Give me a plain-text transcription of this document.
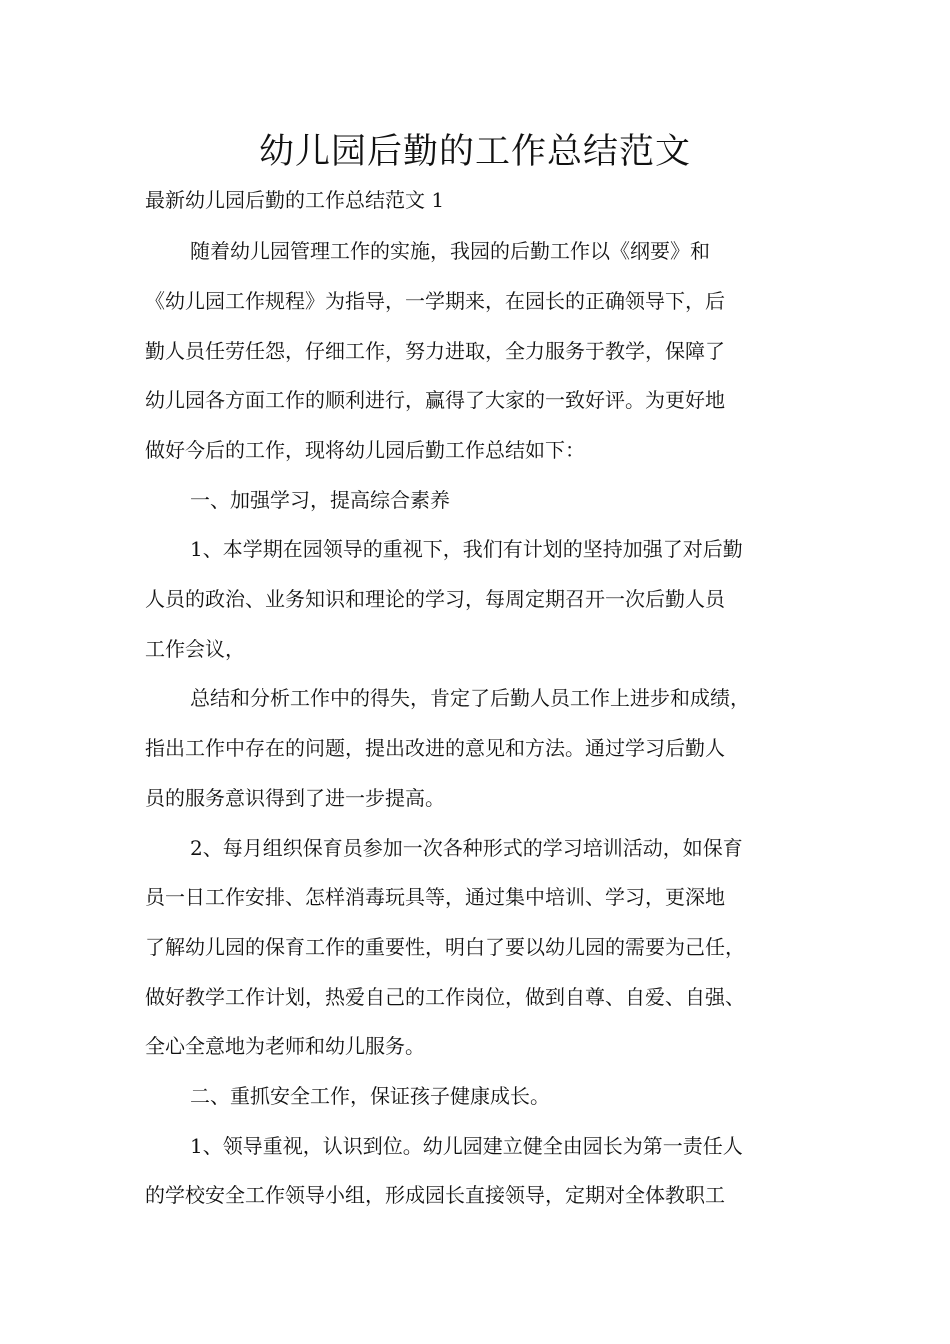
幼儿园后勤的工作总结范文

最新幼儿园后勤的工作总结范文 1

随着幼儿园管理工作的实施，我园的后勤工作以《纲要》和

《幼儿园工作规程》为指导，一学期来，在园长的正确领导下，后

勤人员任劳任怨，仔细工作，努力进取，全力服务于教学，保障了

幼儿园各方面工作的顺利进行，赢得了大家的一致好评。为更好地

做好今后的工作，现将幼儿园后勤工作总结如下：

一、加强学习，提高综合素养

1、本学期在园领导的重视下，我们有计划的坚持加强了对后勤

人员的政治、业务知识和理论的学习，每周定期召开一次后勤人员

工作会议，

总结和分析工作中的得失，肯定了后勤人员工作上进步和成绩，

指出工作中存在的问题，提出改进的意见和方法。通过学习后勤人

员的服务意识得到了进一步提高。

2、每月组织保育员参加一次各种形式的学习培训活动，如保育

员一日工作安排、怎样消毒玩具等，通过集中培训、学习，更深地

了解幼儿园的保育工作的重要性，明白了要以幼儿园的需要为己任，

做好教学工作计划，热爱自己的工作岗位，做到自尊、自爱、自强、

全心全意地为老师和幼儿服务。

二、重抓安全工作，保证孩子健康成长。

1、领导重视，认识到位。幼儿园建立健全由园长为第一责任人

的学校安全工作领导小组，形成园长直接领导，定期对全体教职工
